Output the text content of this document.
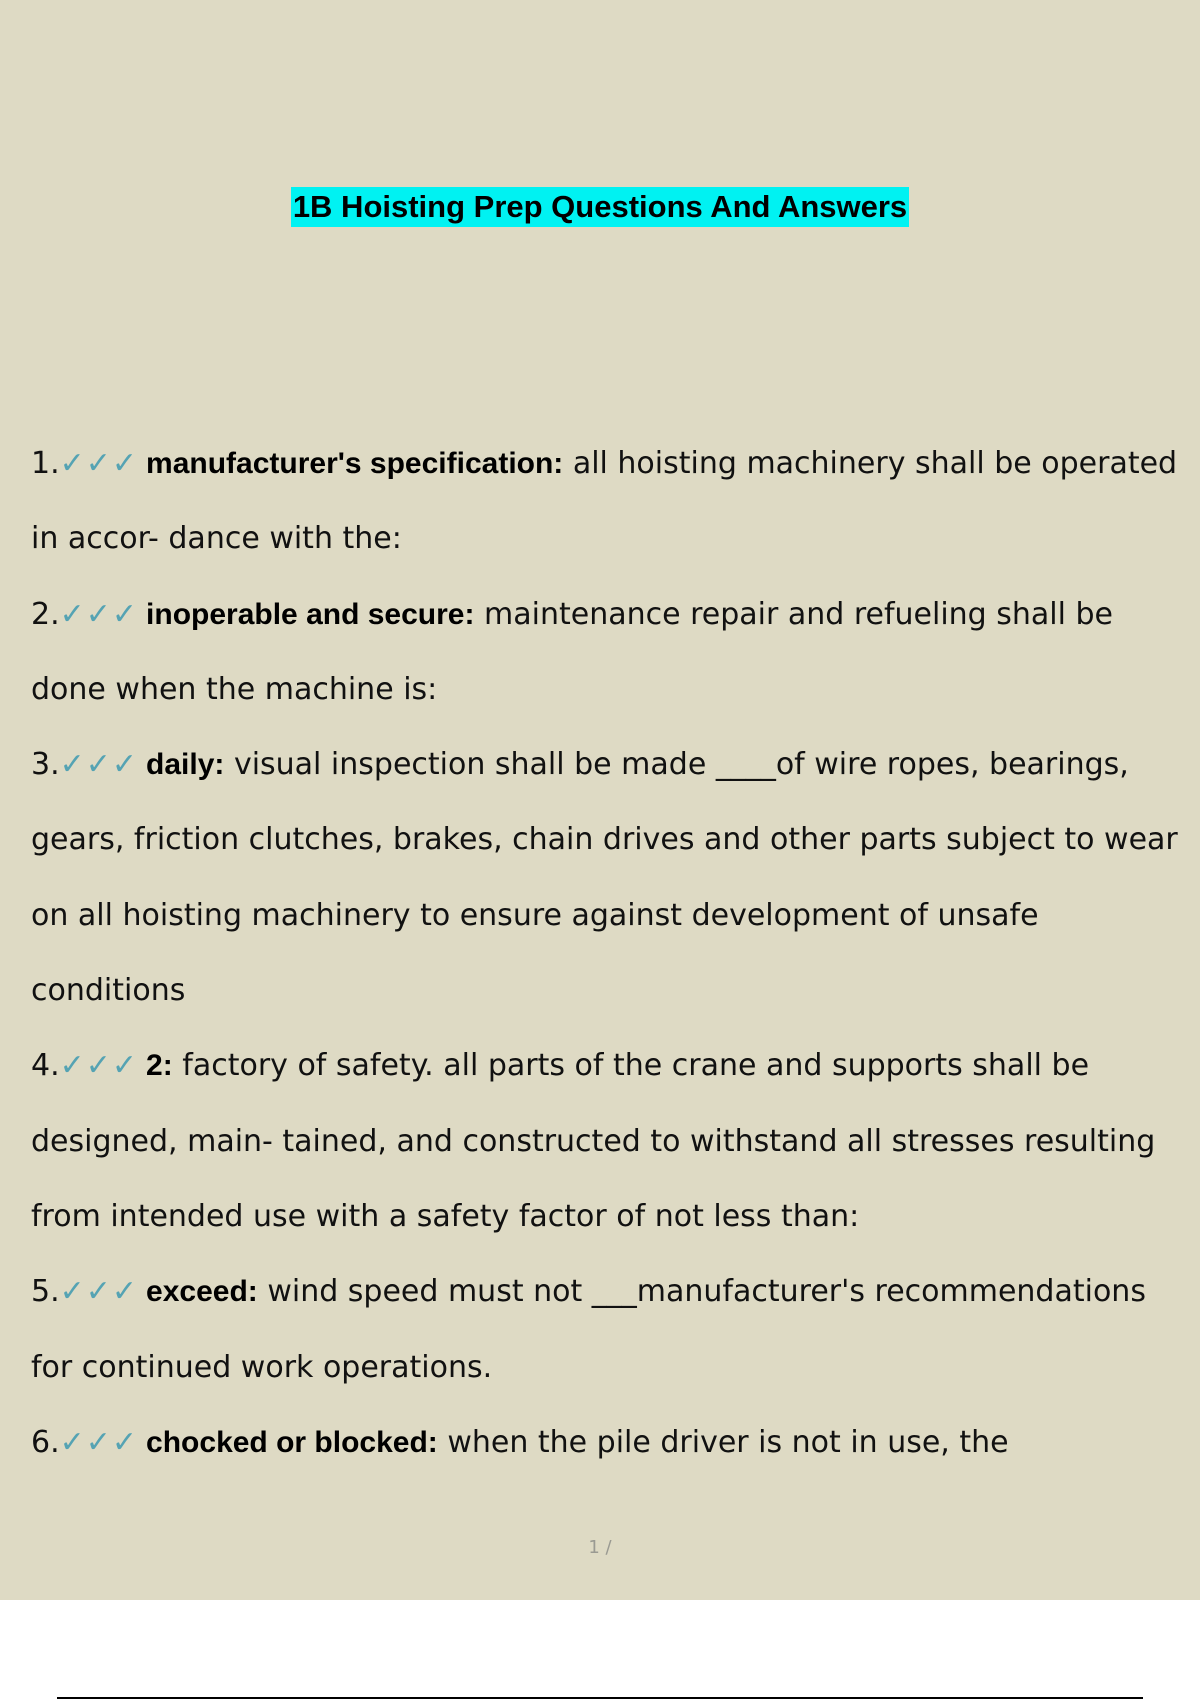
1B Hoisting Prep Questions And Answers
1.✓✓✓ manufacturer's specification: all hoisting machinery shall be operated in accor- dance with the:
2.✓✓✓ inoperable and secure: maintenance repair and refueling shall be done when the machine is:
3.✓✓✓ daily: visual inspection shall be made ____of wire ropes, bearings, gears, friction clutches, brakes, chain drives and other parts subject to wear on all hoisting machinery to ensure against development of unsafe conditions
4.✓✓✓ 2: factory of safety. all parts of the crane and supports shall be designed, main- tained, and constructed to withstand all stresses resulting from intended use with a safety factor of not less than:
5.✓✓✓ exceed: wind speed must not ___manufacturer's recommendations for continued work operations.
6.✓✓✓ chocked or blocked: when the pile driver is not in use, the
1 /
